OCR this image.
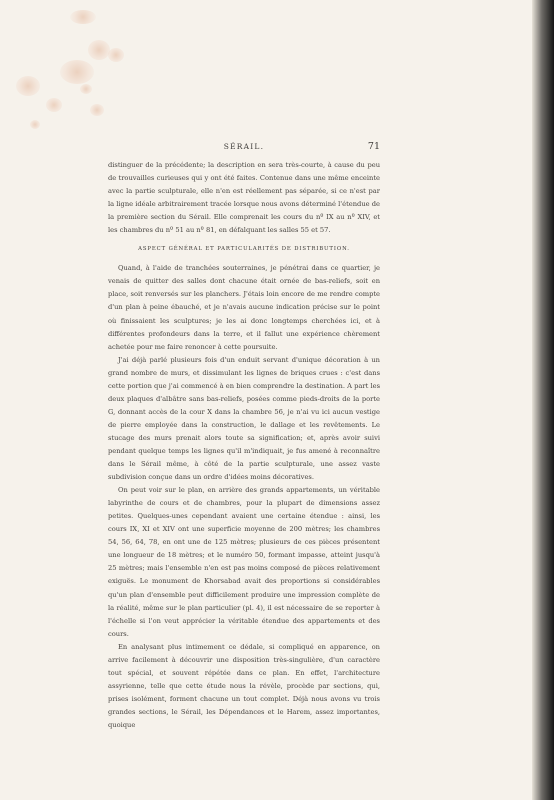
SÉRAIL.	71

distinguer de la précédente; la description en sera très-courte, à cause du peu de trouvailles curieuses qui y ont été faites. Contenue dans une même enceinte avec la partie sculpturale, elle n'en est réellement pas séparée, si ce n'est par la ligne idéale arbitrairement tracée lorsque nous avons déterminé l'étendue de la première section du Sérail. Elle comprenait les cours du nº IX au nº XIV, et les chambres du nº 51 au nº 81, en défalquant les salles 55 et 57.

ASPECT GÉNÉRAL ET PARTICULARITÉS DE DISTRIBUTION.

Quand, à l'aide de tranchées souterraines, je pénétrai dans ce quartier, je venais de quitter des salles dont chacune était ornée de bas-reliefs, soit en place, soit renversés sur les planchers. J'étais loin encore de me rendre compte d'un plan à peine ébauché, et je n'avais aucune indication précise sur le point où finissaient les sculptures; je les ai donc longtemps cherchées ici, et à différentes profondeurs dans la terre, et il fallut une expérience chèrement achetée pour me faire renoncer à cette poursuite.

J'ai déjà parlé plusieurs fois d'un enduit servant d'unique décoration à un grand nombre de murs, et dissimulant les lignes de briques crues : c'est dans cette portion que j'ai commencé à en bien comprendre la destination. A part les deux plaques d'albâtre sans bas-reliefs, posées comme pieds-droits de la porte G, donnant accès de la cour X dans la chambre 56, je n'ai vu ici aucun vestige de pierre employée dans la construction, le dallage et les revêtements. Le stucage des murs prenait alors toute sa signification; et, après avoir suivi pendant quelque temps les lignes qu'il m'indiquait, je fus amené à reconnaître dans le Sérail même, à côté de la partie sculpturale, une assez vaste subdivision conçue dans un ordre d'idées moins décoratives.

On peut voir sur le plan, en arrière des grands appartements, un véritable labyrinthe de cours et de chambres, pour la plupart de dimensions assez petites. Quelques-unes cependant avaient une certaine étendue : ainsi, les cours IX, XI et XIV ont une superficie moyenne de 200 mètres; les chambres 54, 56, 64, 78, en ont une de 125 mètres; plusieurs de ces pièces présentent une longueur de 18 mètres; et le numéro 50, formant impasse, atteint jusqu'à 25 mètres; mais l'ensemble n'en est pas moins composé de pièces relativement exiguës. Le monument de Khorsabad avait des proportions si considérables qu'un plan d'ensemble peut difficilement produire une impression complète de la réalité, même sur le plan particulier (pl. 4), il est nécessaire de se reporter à l'échelle si l'on veut apprécier la véritable étendue des appartements et des cours.

En analysant plus intimement ce dédale, si compliqué en apparence, on arrive facilement à découvrir une disposition très-singulière, d'un caractère tout spécial, et souvent répétée dans ce plan. En effet, l'architecture assyrienne, telle que cette étude nous la révèle, procède par sections, qui, prises isolément, forment chacune un tout complet. Déjà nous avons vu trois grandes sections, le Sérail, les Dépendances et le Harem, assez importantes, quoique
